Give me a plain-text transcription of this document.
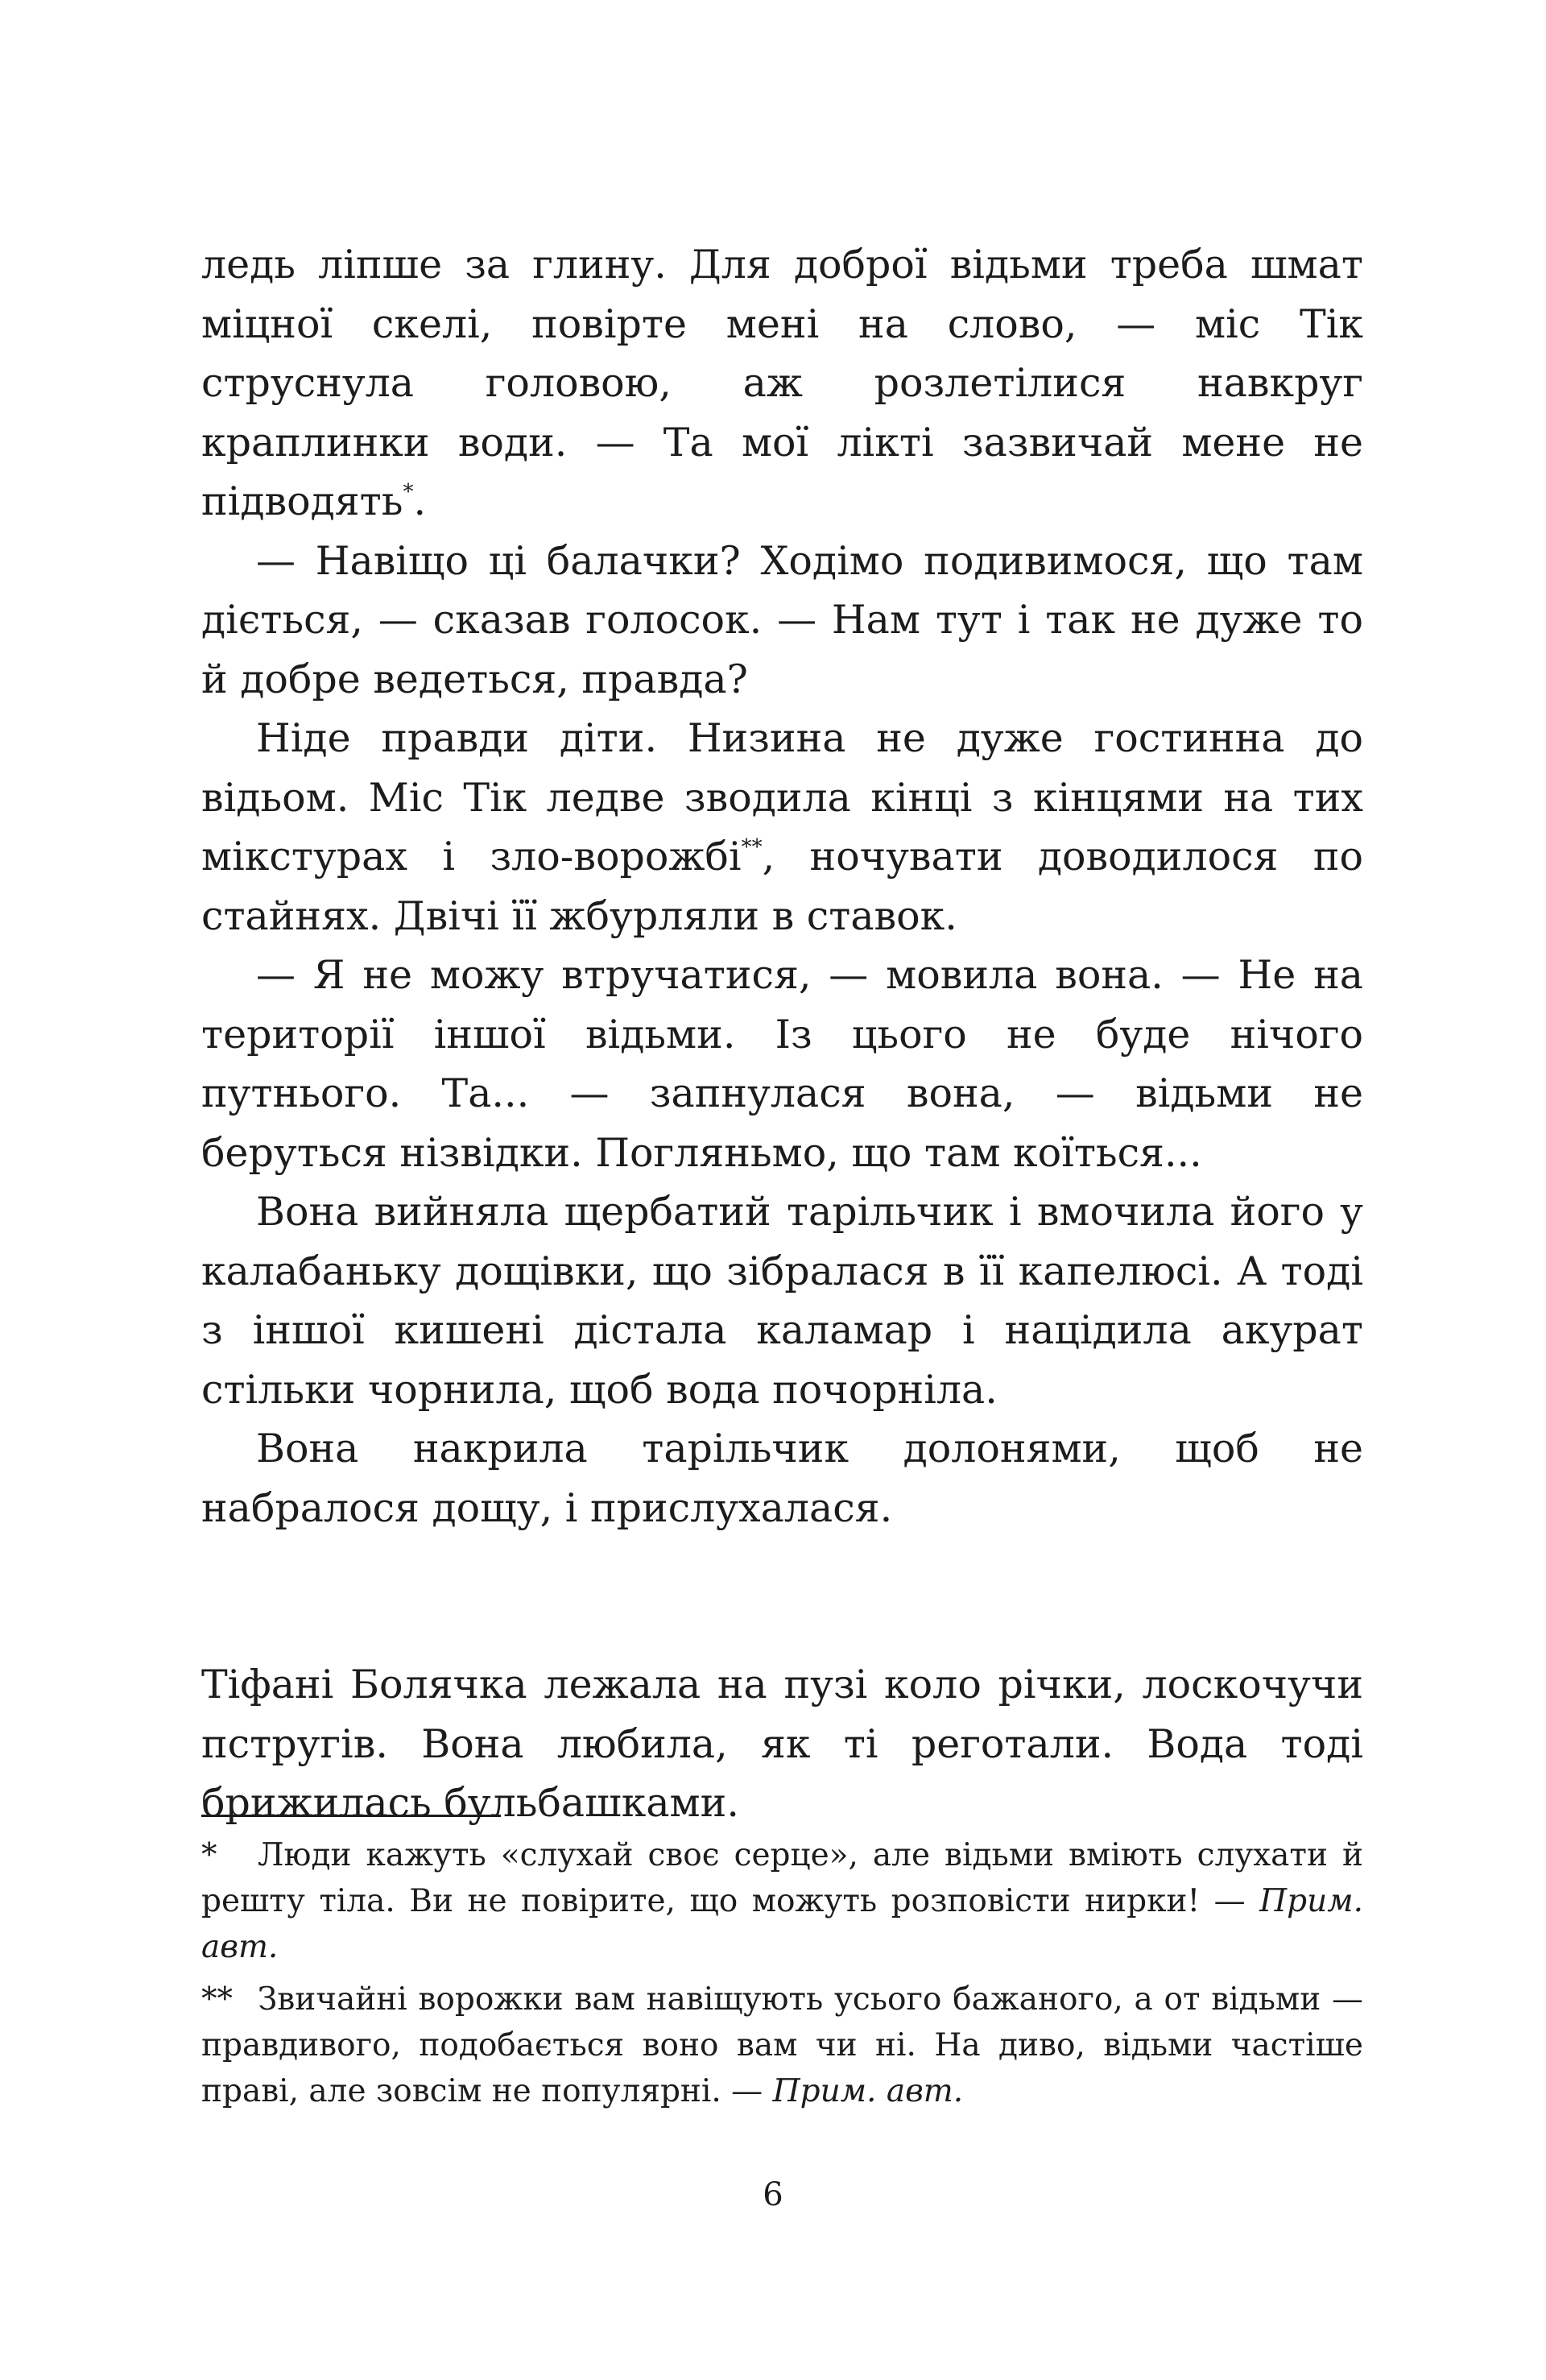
ледь ліпше за глину. Для доброї відьми треба шмат міцної скелі, повірте мені на слово, — міс Тік струснула головою, аж розлетілися навкруг краплинки води. — Та мої лікті зазвичай мене не підводять*.

— Навіщо ці балачки? Ходімо подивимося, що там діється, — сказав голосок. — Нам тут і так не дуже то й добре ведеться, правда?

Ніде правди діти. Низина не дуже гостинна до відьом. Міс Тік ледве зводила кінці з кінцями на тих мікстурах і зло-ворожбі**, ночувати доводилося по стайнях. Двічі її жбурляли в ставок.

— Я не можу втручатися, — мовила вона. — Не на території іншої відьми. Із цього не буде нічого путнього. Та... — запнулася вона, — відьми не беруться нізвідки. Погляньмо, що там коїться...

Вона вийняла щербатий тарільчик і вмочила його у калабаньку дощівки, що зібралася в її капелюсі. А тоді з іншої кишені дістала каламар і націдила акурат стільки чорнила, щоб вода почорніла.

Вона накрила тарільчик долонями, щоб не набралося дощу, і прислухалася.

Тіфані Болячка лежала на пузі коло річки, лоскочучи пстругів. Вона любила, як ті реготали. Вода тоді брижилась бульбашками.

* Люди кажуть «слухай своє серце», але відьми вміють слухати й решту тіла. Ви не повірите, що можуть розповісти нирки! — Прим. авт.

** Звичайні ворожки вам навіщують усього бажаного, а от відьми — правдивого, подобається воно вам чи ні. На диво, відьми частіше праві, але зовсім не популярні. — Прим. авт.

6
